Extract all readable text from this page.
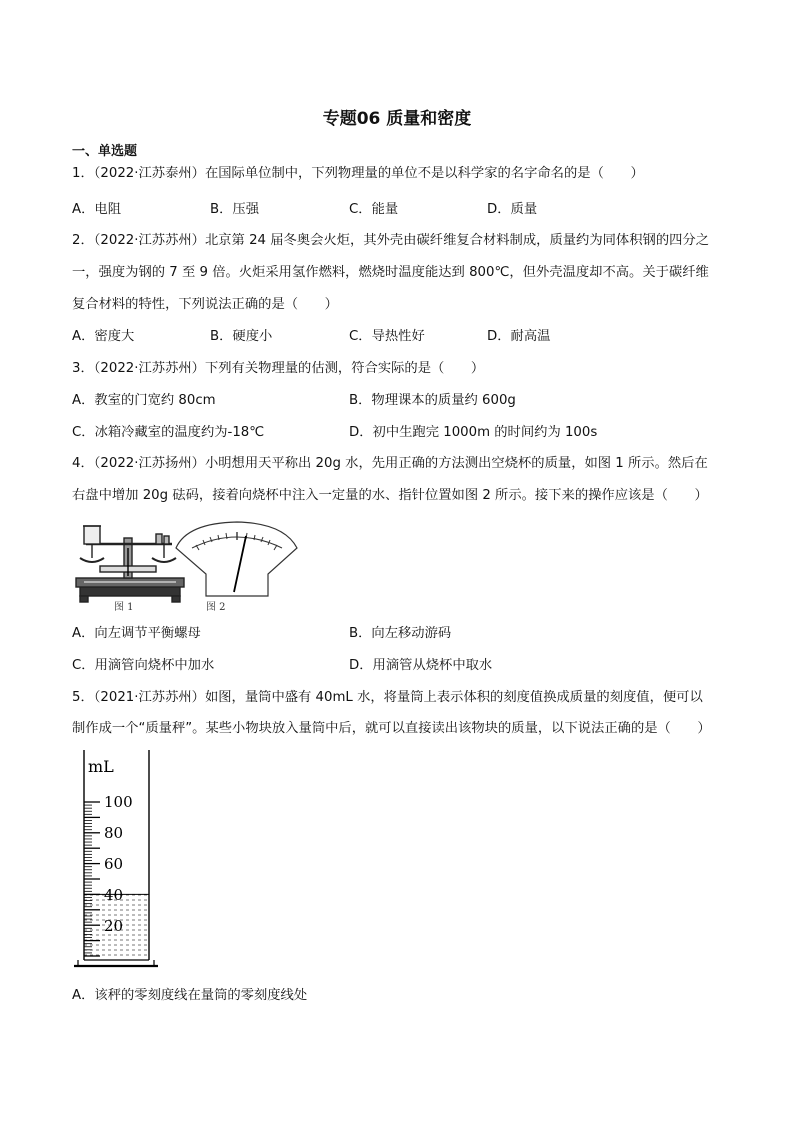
专题06 质量和密度
一、单选题
1．（2022·江苏泰州）在国际单位制中，下列物理量的单位不是以科学家的名字命名的是（　　）
A．电阻	B．压强	C．能量	D．质量
2．（2022·江苏苏州）北京第 24 届冬奥会火炬，其外壳由碳纤维复合材料制成，质量约为同体积钢的四分之
一，强度为钢的 7 至 9 倍。火炬采用氢作燃料，燃烧时温度能达到 800℃，但外壳温度却不高。关于碳纤维
复合材料的特性，下列说法正确的是（　　）
A．密度大	B．硬度小	C．导热性好	D．耐高温
3．（2022·江苏苏州）下列有关物理量的估测，符合实际的是（　　）
A．教室的门宽约 80cm	B．物理课本的质量约 600g
C．冰箱冷藏室的温度约为-18℃	D．初中生跑完 1000m 的时间约为 100s
4．（2022·江苏扬州）小明想用天平称出 20g 水，先用正确的方法测出空烧杯的质量，如图 1 所示。然后在
右盘中增加 20g 砝码，接着向烧杯中注入一定量的水、指针位置如图 2 所示。接下来的操作应该是（　　）
图 1	图 2
A．向左调节平衡螺母	B．向左移动游码
C．用滴管向烧杯中加水	D．用滴管从烧杯中取水
5．（2021·江苏苏州）如图，量筒中盛有 40mL 水，将量筒上表示体积的刻度值换成质量的刻度值，便可以
制作成一个“质量秤”。某些小物块放入量筒中后，就可以直接读出该物块的质量，以下说法正确的是（　　）
mL
100
80
60
40
20
A．该秤的零刻度线在量筒的零刻度线处
